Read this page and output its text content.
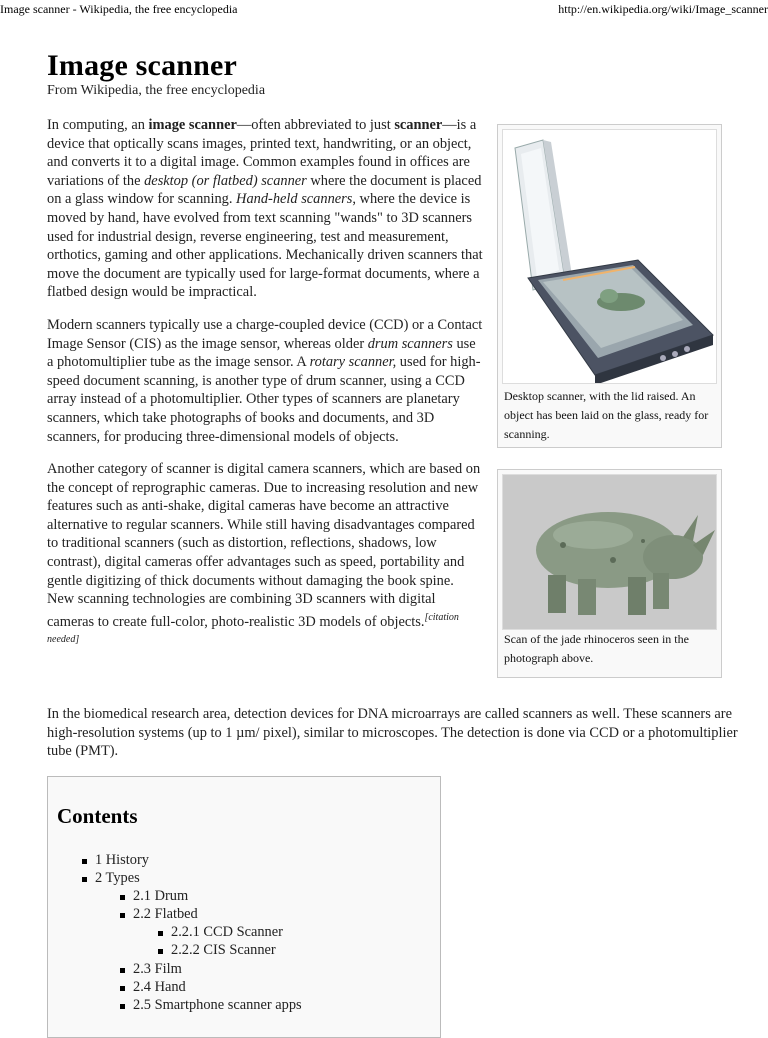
Image scanner - Wikipedia, the free encyclopedia	http://en.wikipedia.org/wiki/Image_scanner
Image scanner
From Wikipedia, the free encyclopedia

In computing, an image scanner—often abbreviated to just scanner—is a device that optically scans images, printed text, handwriting, or an object, and converts it to a digital image. Common examples found in offices are variations of the desktop (or flatbed) scanner where the document is placed on a glass window for scanning. Hand-held scanners, where the device is moved by hand, have evolved from text scanning "wands" to 3D scanners used for industrial design, reverse engineering, test and measurement, orthotics, gaming and other applications. Mechanically driven scanners that move the document are typically used for large-format documents, where a flatbed design would be impractical.

Modern scanners typically use a charge-coupled device (CCD) or a Contact Image Sensor (CIS) as the image sensor, whereas older drum scanners use a photomultiplier tube as the image sensor. A rotary scanner, used for high-speed document scanning, is another type of drum scanner, using a CCD array instead of a photomultiplier. Other types of scanners are planetary scanners, which take photographs of books and documents, and 3D scanners, for producing three-dimensional models of objects.

Another category of scanner is digital camera scanners, which are based on the concept of reprographic cameras. Due to increasing resolution and new features such as anti-shake, digital cameras have become an attractive alternative to regular scanners. While still having disadvantages compared to traditional scanners (such as distortion, reflections, shadows, low contrast), digital cameras offer advantages such as speed, portability and gentle digitizing of thick documents without damaging the book spine. New scanning technologies are combining 3D scanners with digital cameras to create full-color, photo-realistic 3D models of objects.[citation needed]

In the biomedical research area, detection devices for DNA microarrays are called scanners as well. These scanners are high-resolution systems (up to 1 µm/ pixel), similar to microscopes. The detection is done via CCD or a photomultiplier tube (PMT).

Desktop scanner, with the lid raised. An object has been laid on the glass, ready for scanning.
Scan of the jade rhinoceros seen in the photograph above.
Contents
1 History
2 Types
2.1 Drum
2.2 Flatbed
2.2.1 CCD Scanner
2.2.2 CIS Scanner
2.3 Film
2.4 Hand
2.5 Smartphone scanner apps
